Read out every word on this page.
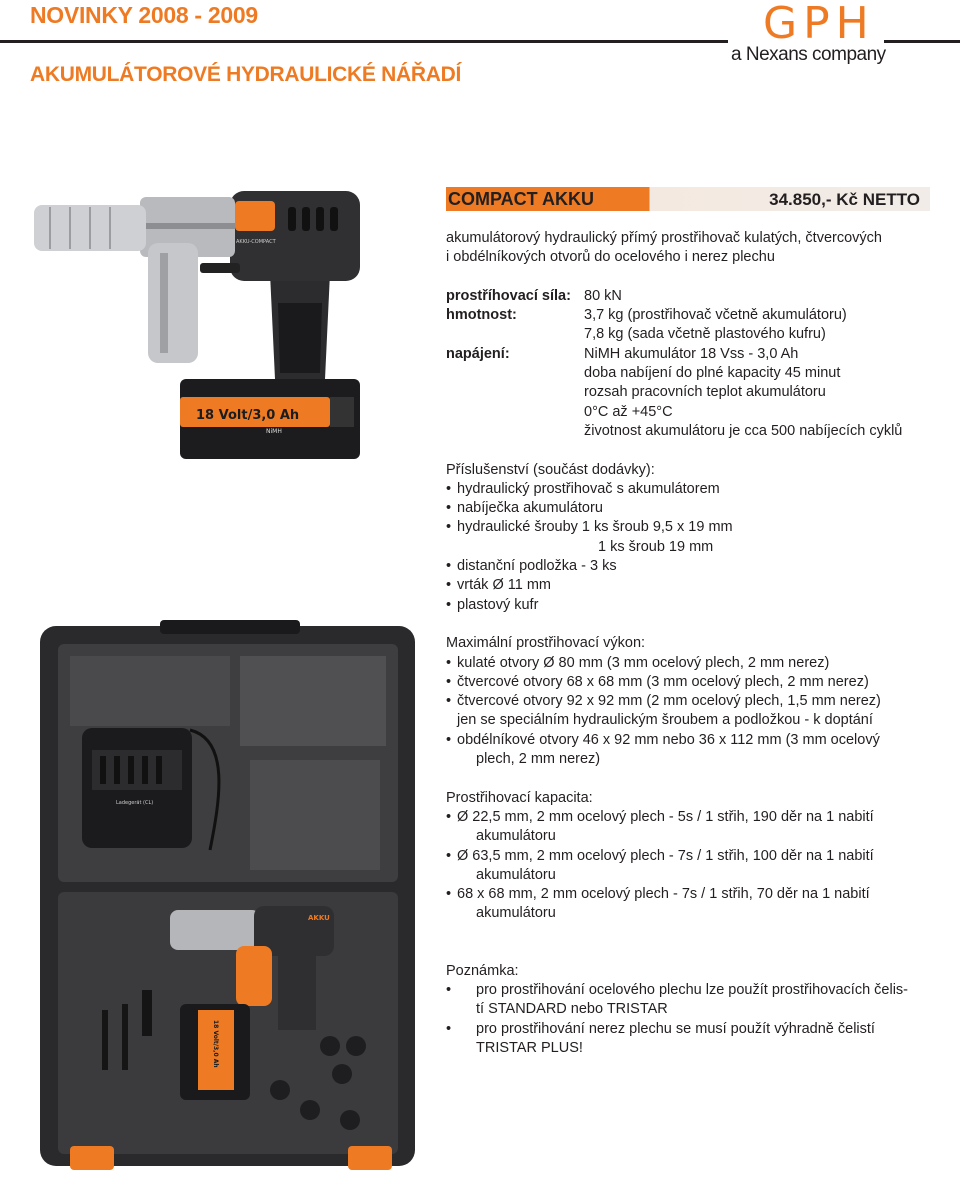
NOVINKY 2008 - 2009	GPH
a Nexans company
AKUMULÁTOROVÉ HYDRAULICKÉ NÁŘADÍ
18 Volt/3,0 Ah
NiMH
AKKU-COMPACT
Ladegerät (CL)
AKKU
18 Volt/3,0 Ah
COMPACT AKKU	34.850,- Kč NETTO
akumulátorový hydraulický přímý prostřihovač kulatých, čtvercových
i obdélníkových otvorů do ocelového i nerez plechu
prostříhovací síla: 80 kN
hmotnost:	3,7 kg (prostřihovač včetně akumulátoru)
7,8 kg (sada včetně plastového kufru)
napájení:	NiMH akumulátor 18 Vss - 3,0 Ah
doba nabíjení do plné kapacity 45 minut
rozsah pracovních teplot akumulátoru
0°C až +45°C
životnost akumulátoru je cca 500 nabíjecích cyklů
Příslušenství (součást dodávky):
• hydraulický prostřihovač s akumulátorem
• nabíječka akumulátoru
• hydraulické šrouby 1 ks šroub 9,5 x 19 mm
1 ks šroub 19 mm
• distanční podložka - 3 ks
• vrták Ø 11 mm
• plastový kufr
Maximální prostřihovací výkon:
• kulaté otvory Ø 80 mm (3 mm ocelový plech, 2 mm nerez)
• čtvercové otvory 68 x 68 mm (3 mm ocelový plech, 2 mm nerez)
• čtvercové otvory 92 x 92 mm (2 mm ocelový plech, 1,5 mm nerez)
jen se speciálním hydraulickým šroubem a podložkou - k doptání
• obdélníkové otvory 46 x 92 mm nebo 36 x 112 mm (3 mm ocelový
plech, 2 mm nerez)
Prostřihovací kapacita:
• Ø 22,5 mm, 2 mm ocelový plech - 5s / 1 střih, 190 děr na 1 nabití
akumulátoru
• Ø 63,5 mm, 2 mm ocelový plech - 7s / 1 střih, 100 děr na 1 nabití
akumulátoru
• 68 x 68 mm, 2 mm ocelový plech - 7s / 1 střih, 70 děr na 1 nabití
akumulátoru
Poznámka:
• pro prostřihování ocelového plechu lze použít prostřihovacích čelis-
tí STANDARD nebo TRISTAR
• pro prostřihování nerez plechu se musí použít výhradně čelistí
TRISTAR PLUS!
